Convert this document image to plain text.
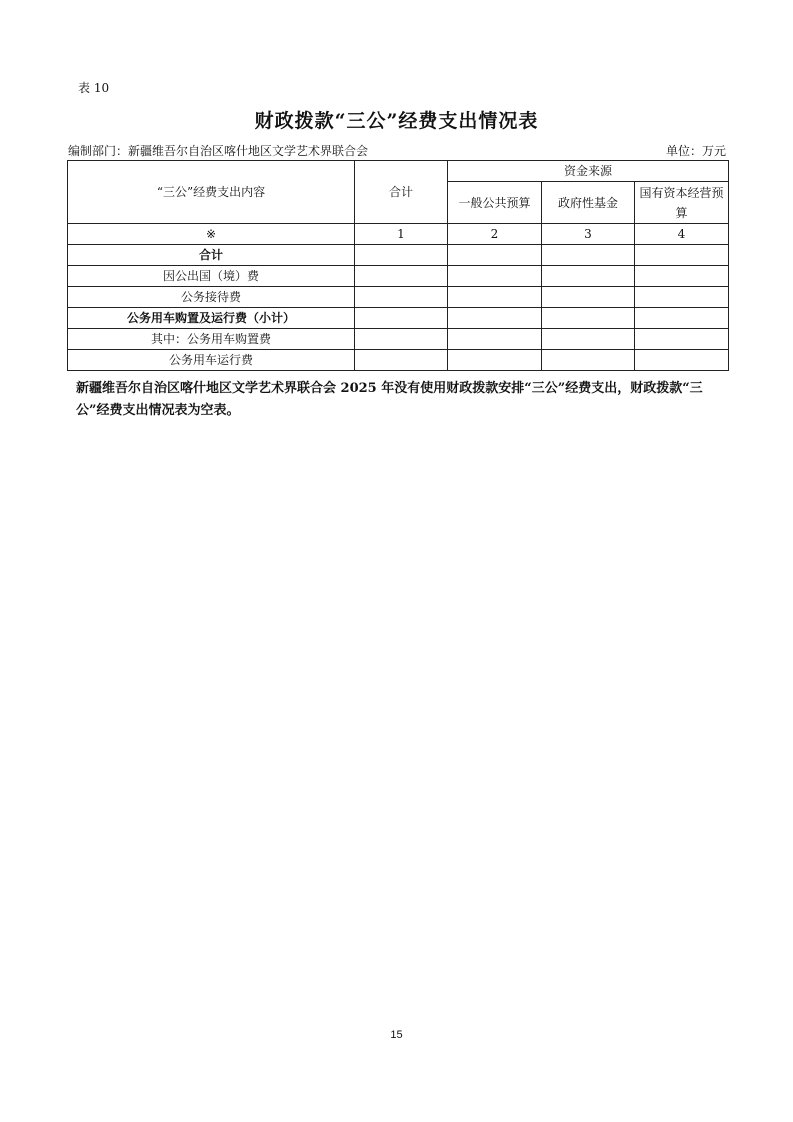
表 10
财政拨款“三公”经费支出情况表
编制部门：新疆维吾尔自治区喀什地区文学艺术界联合会	单位：万元
“三公”经费支出内容	合计	资金来源		
		一般公共预算	政府性基金	国有资本经营预算
※	1	2	3	4
合计				
因公出国（境）费				
公务接待费				
公务用车购置及运行费（小计）				
其中：公务用车购置费				
公务用车运行费				
新疆维吾尔自治区喀什地区文学艺术界联合会 2025 年没有使用财政拨款安排“三公”经费支出，财政拨款“三公”经费支出情况表为空表。
15
